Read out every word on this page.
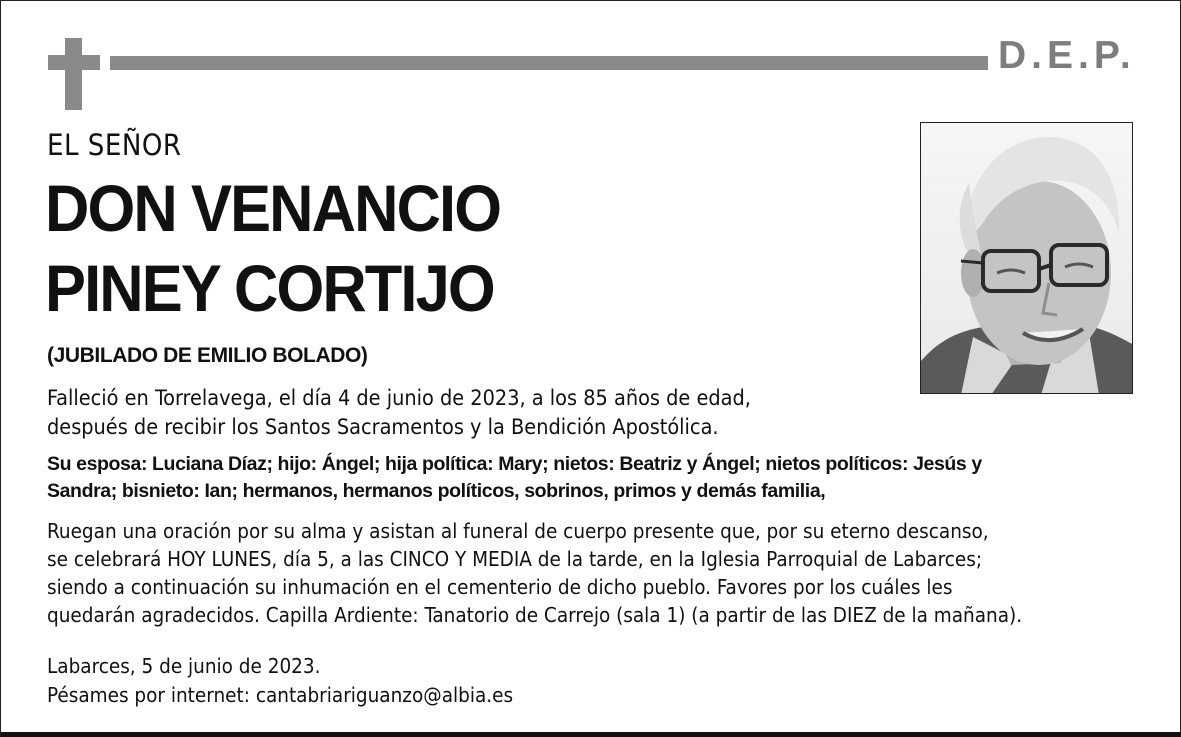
D.E.P.
EL SEÑOR
DON VENANCIO
PINEY CORTIJO
(JUBILADO DE EMILIO BOLADO)
Falleció en Torrelavega, el día 4 de junio de 2023, a los 85 años de edad,
después de recibir los Santos Sacramentos y la Bendición Apostólica.
Su esposa: Luciana Díaz; hijo: Ángel; hija política: Mary; nietos: Beatriz y Ángel; nietos políticos: Jesús y
Sandra; bisnieto: Ian; hermanos, hermanos políticos, sobrinos, primos y demás familia,
Ruegan una oración por su alma y asistan al funeral de cuerpo presente que, por su eterno descanso,
se celebrará HOY LUNES, día 5, a las CINCO Y MEDIA de la tarde, en la Iglesia Parroquial de Labarces;
siendo a continuación su inhumación en el cementerio de dicho pueblo. Favores por los cuáles les
quedarán agradecidos. Capilla Ardiente: Tanatorio de Carrejo (sala 1) (a partir de las DIEZ de la mañana).
Labarces, 5 de junio de 2023.
Pésames por internet: cantabriariguanzo@albia.es
